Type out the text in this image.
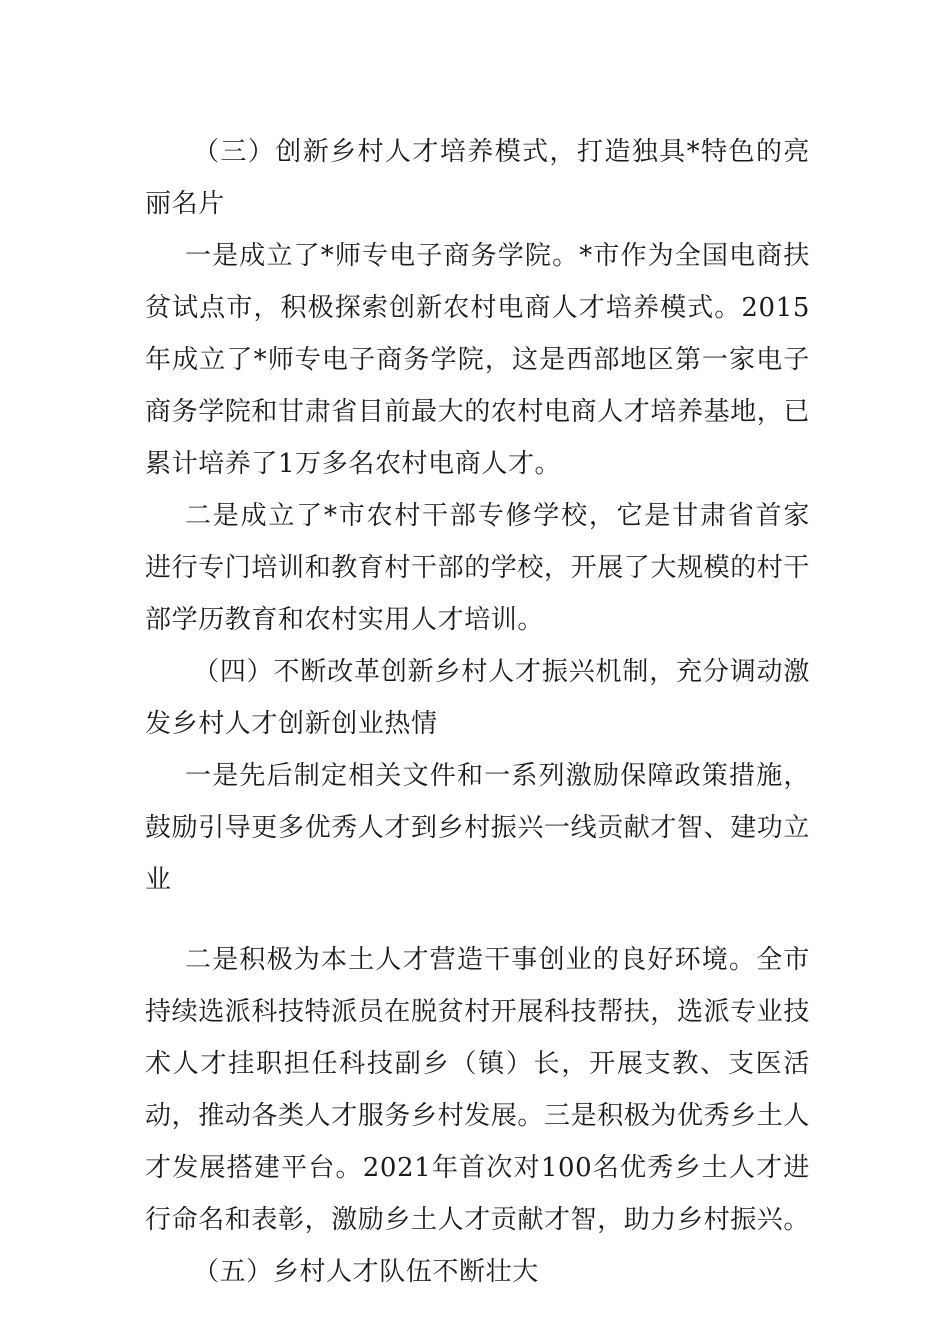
（三）创新乡村人才培养模式，打造独具*特色的亮丽名片

一是成立了*师专电子商务学院。*市作为全国电商扶贫试点市，积极探索创新农村电商人才培养模式。2015年成立了*师专电子商务学院，这是西部地区第一家电子商务学院和甘肃省目前最大的农村电商人才培养基地，已累计培养了1万多名农村电商人才。

二是成立了*市农村干部专修学校，它是甘肃省首家进行专门培训和教育村干部的学校，开展了大规模的村干部学历教育和农村实用人才培训。

（四）不断改革创新乡村人才振兴机制，充分调动激发乡村人才创新创业热情

一是先后制定相关文件和一系列激励保障政策措施，鼓励引导更多优秀人才到乡村振兴一线贡献才智、建功立业

二是积极为本土人才营造干事创业的良好环境。全市持续选派科技特派员在脱贫村开展科技帮扶，选派专业技术人才挂职担任科技副乡（镇）长，开展支教、支医活动，推动各类人才服务乡村发展。三是积极为优秀乡土人才发展搭建平台。2021年首次对100名优秀乡土人才进行命名和表彰，激励乡土人才贡献才智，助力乡村振兴。

（五）乡村人才队伍不断壮大
